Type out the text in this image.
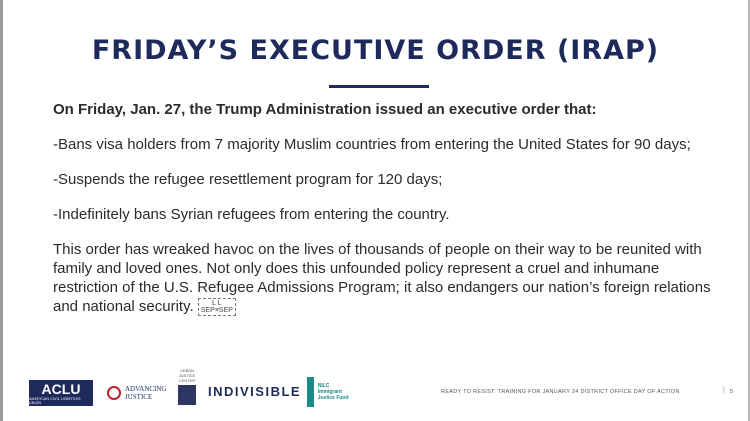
FRIDAY’S EXECUTIVE ORDER (IRAP)

On Friday, Jan. 27, the Trump Administration issued an executive order that:

-Bans visa holders from 7 majority Muslim countries from entering the United States for 90 days;

-Suspends the refugee resettlement program for 120 days;

-Indefinitely bans Syrian refugees from entering the country.

This order has wreaked havoc on the lives of thousands of people on their way to be reunited with family and loved ones. Not only does this unfounded policy represent a cruel and inhumane restriction of the U.S. Refugee Admissions Program; it also endangers our nation’s foreign relations and national security.	L L
SEP≡SEP

ACLU
AMERICAN CIVIL LIBERTIES UNION
ADVANCING
JUSTICE
URBAN JUSTICE CENTER
INDIVISIBLE	NILC Immigrant Justice Fund
READY TO RESIST: TRAINING FOR JANUARY 24 DISTRICT OFFICE DAY OF ACTION	| 5
